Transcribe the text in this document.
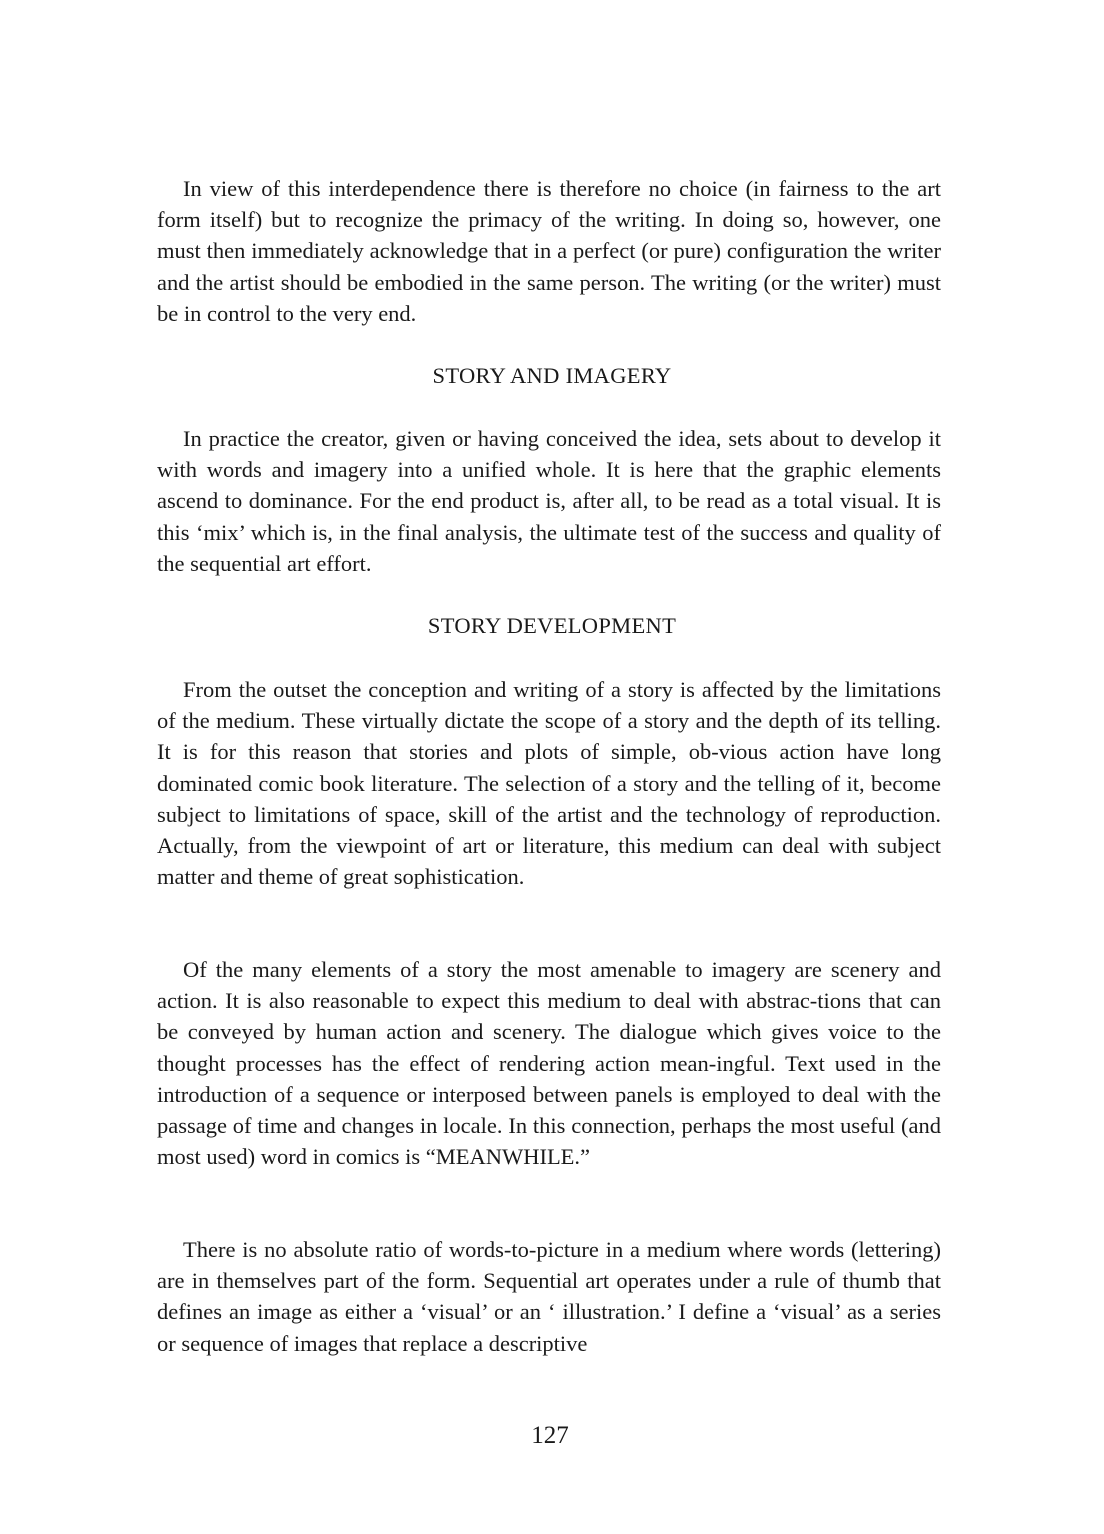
In view of this interdependence there is therefore no choice (in fairness to the art form itself) but to recognize the primacy of the writing. In doing so, however, one must then immediately acknowledge that in a perfect (or pure) configuration the writer and the artist should be embodied in the same person. The writing (or the writer) must be in control to the very end.

STORY AND IMAGERY

In practice the creator, given or having conceived the idea, sets about to develop it with words and imagery into a unified whole. It is here that the graphic elements ascend to dominance. For the end product is, after all, to be read as a total visual. It is this ‘mix’ which is, in the final analysis, the ultimate test of the success and quality of the sequential art effort.

STORY DEVELOPMENT

From the outset the conception and writing of a story is affected by the limitations of the medium. These virtually dictate the scope of a story and the depth of its telling. It is for this reason that stories and plots of simple, ob-vious action have long dominated comic book literature. The selection of a story and the telling of it, become subject to limitations of space, skill of the artist and the technology of reproduction. Actually, from the viewpoint of art or literature, this medium can deal with subject matter and theme of great sophistication.

Of the many elements of a story the most amenable to imagery are scenery and action. It is also reasonable to expect this medium to deal with abstrac-tions that can be conveyed by human action and scenery. The dialogue which gives voice to the thought processes has the effect of rendering action mean-ingful. Text used in the introduction of a sequence or interposed between panels is employed to deal with the passage of time and changes in locale. In this connection, perhaps the most useful (and most used) word in comics is “MEANWHILE.”

There is no absolute ratio of words-to-picture in a medium where words (lettering) are in themselves part of the form. Sequential art operates under a rule of thumb that defines an image as either a ‘visual’ or an ‘ illustration.’ I define a ‘visual’ as a series or sequence of images that replace a descriptive

127
